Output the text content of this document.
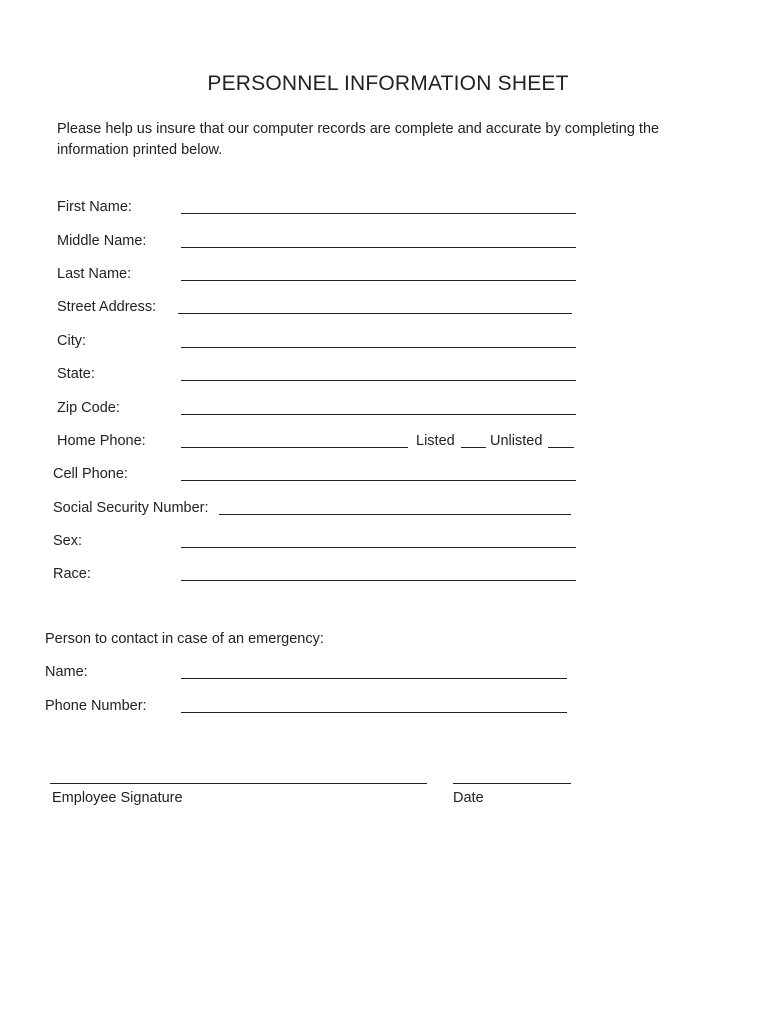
PERSONNEL INFORMATION SHEET
Please help us insure that our computer records are complete and accurate by completing the information printed below.
First Name:
Middle Name:
Last Name:
Street Address:
City:
State:
Zip Code:
Home Phone:	Listed Unlisted
Cell Phone:
Social Security Number:
Sex:
Race:
Person to contact in case of an emergency:
Name:
Phone Number:
Employee Signature	Date
